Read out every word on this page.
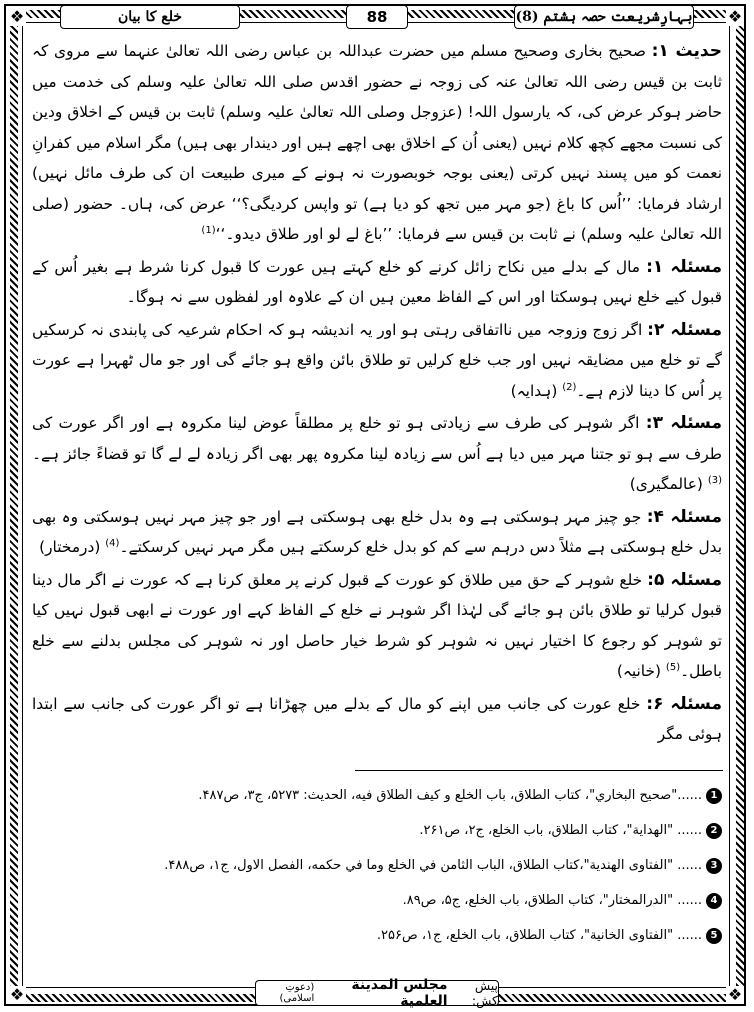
❖	❖
❖	❖
خلع کا بیان	88	بہارِشریعت حصہ ہشتم (8)

حدیث ۱: صحیح بخاری وصحیح مسلم میں حضرت عبداللہ بن عباس رضی اللہ تعالیٰ عنہما سے مروی کہ ثابت بن قیس رضی اللہ تعالیٰ عنہ کی زوجہ نے حضور اقدس صلی اللہ تعالیٰ علیہ وسلم کی خدمت میں حاضر ہوکر عرض کی، کہ یارسول اللہ! (عزوجل وصلی اللہ تعالیٰ علیہ وسلم) ثابت بن قیس کے اخلاق ودین کی نسبت مجھے کچھ کلام نہیں (یعنی اُن کے اخلاق بھی اچھے ہیں اور دیندار بھی ہیں) مگر اسلام میں کفرانِ نعمت کو میں پسند نہیں کرتی (یعنی بوجہ خوبصورت نہ ہونے کے میری طبیعت ان کی طرف مائل نہیں) ارشاد فرمایا: ’’اُس کا باغ (جو مہر میں تجھ کو دیا ہے) تو واپس کردیگی؟‘‘ عرض کی، ہاں۔ حضور (صلی اللہ تعالیٰ علیہ وسلم) نے ثابت بن قیس سے فرمایا: ’’باغ لے لو اور طلاق دیدو۔‘‘$^{(1)}$

مسئلہ ۱: مال کے بدلے میں نکاح زائل کرنے کو خلع کہتے ہیں عورت کا قبول کرنا شرط ہے بغیر اُس کے قبول کیے خلع نہیں ہوسکتا اور اس کے الفاظ معین ہیں ان کے علاوہ اور لفظوں سے نہ ہوگا۔

مسئلہ ۲: اگر زوج وزوجہ میں نااتفاقی رہتی ہو اور یہ اندیشہ ہو کہ احکام شرعیہ کی پابندی نہ کرسکیں گے تو خلع میں مضایقہ نہیں اور جب خلع کرلیں تو طلاق بائن واقع ہو جائے گی اور جو مال ٹھہرا ہے عورت پر اُس کا دینا لازم ہے۔$^{(2)}$ (ہدایہ)

مسئلہ ۳: اگر شوہر کی طرف سے زیادتی ہو تو خلع پر مطلقاً عوض لینا مکروہ ہے اور اگر عورت کی طرف سے ہو تو جتنا مہر میں دیا ہے اُس سے زیادہ لینا مکروہ پھر بھی اگر زیادہ لے لے گا تو قضاءً جائز ہے۔$^{(3)}$ (عالمگیری)

مسئلہ ۴: جو چیز مہر ہوسکتی ہے وہ بدل خلع بھی ہوسکتی ہے اور جو چیز مہر نہیں ہوسکتی وہ بھی بدل خلع ہوسکتی ہے مثلاً دس درہم سے کم کو بدل خلع کرسکتے ہیں مگر مہر نہیں کرسکتے۔$^{(4)}$ (درمختار)

مسئلہ ۵: خلع شوہر کے حق میں طلاق کو عورت کے قبول کرنے پر معلق کرنا ہے کہ عورت نے اگر مال دینا قبول کرلیا تو طلاق بائن ہو جائے گی لہٰذا اگر شوہر نے خلع کے الفاظ کہے اور عورت نے ابھی قبول نہیں کیا تو شوہر کو رجوع کا اختیار نہیں نہ شوہر کو شرط خیار حاصل اور نہ شوہر کی مجلس بدلنے سے خلع باطل۔$^{(5)}$ (خانیہ)

مسئلہ ۶: خلع عورت کی جانب میں اپنے کو مال کے بدلے میں چھڑانا ہے تو اگر عورت کی جانب سے ابتدا ہوئی مگر

1
......"صحیح البخاري"، کتاب الطلاق، باب الخلع و کیف الطلاق فیه، الحدیث: ۵۲۷۳، ج۳، ص۴۸۷.
2
...... "الھدایة"، کتاب الطلاق، باب الخلع، ج۲، ص۲۶۱.
3
...... "الفتاوی الھندیة"،کتاب الطلاق، الباب الثامن في الخلع وما في حکمه، الفصل الاول، ج۱، ص۴۸۸.
4
...... "الدرالمختار"، کتاب الطلاق، باب الخلع، ج۵، ص۸۹.
5
...... "الفتاوی الخانیة"، کتاب الطلاق، باب الخلع، ج۱، ص۲۵۶.
پیش کش:
مجلس المدینة العلمیة
(دعوتِ اسلامی)
